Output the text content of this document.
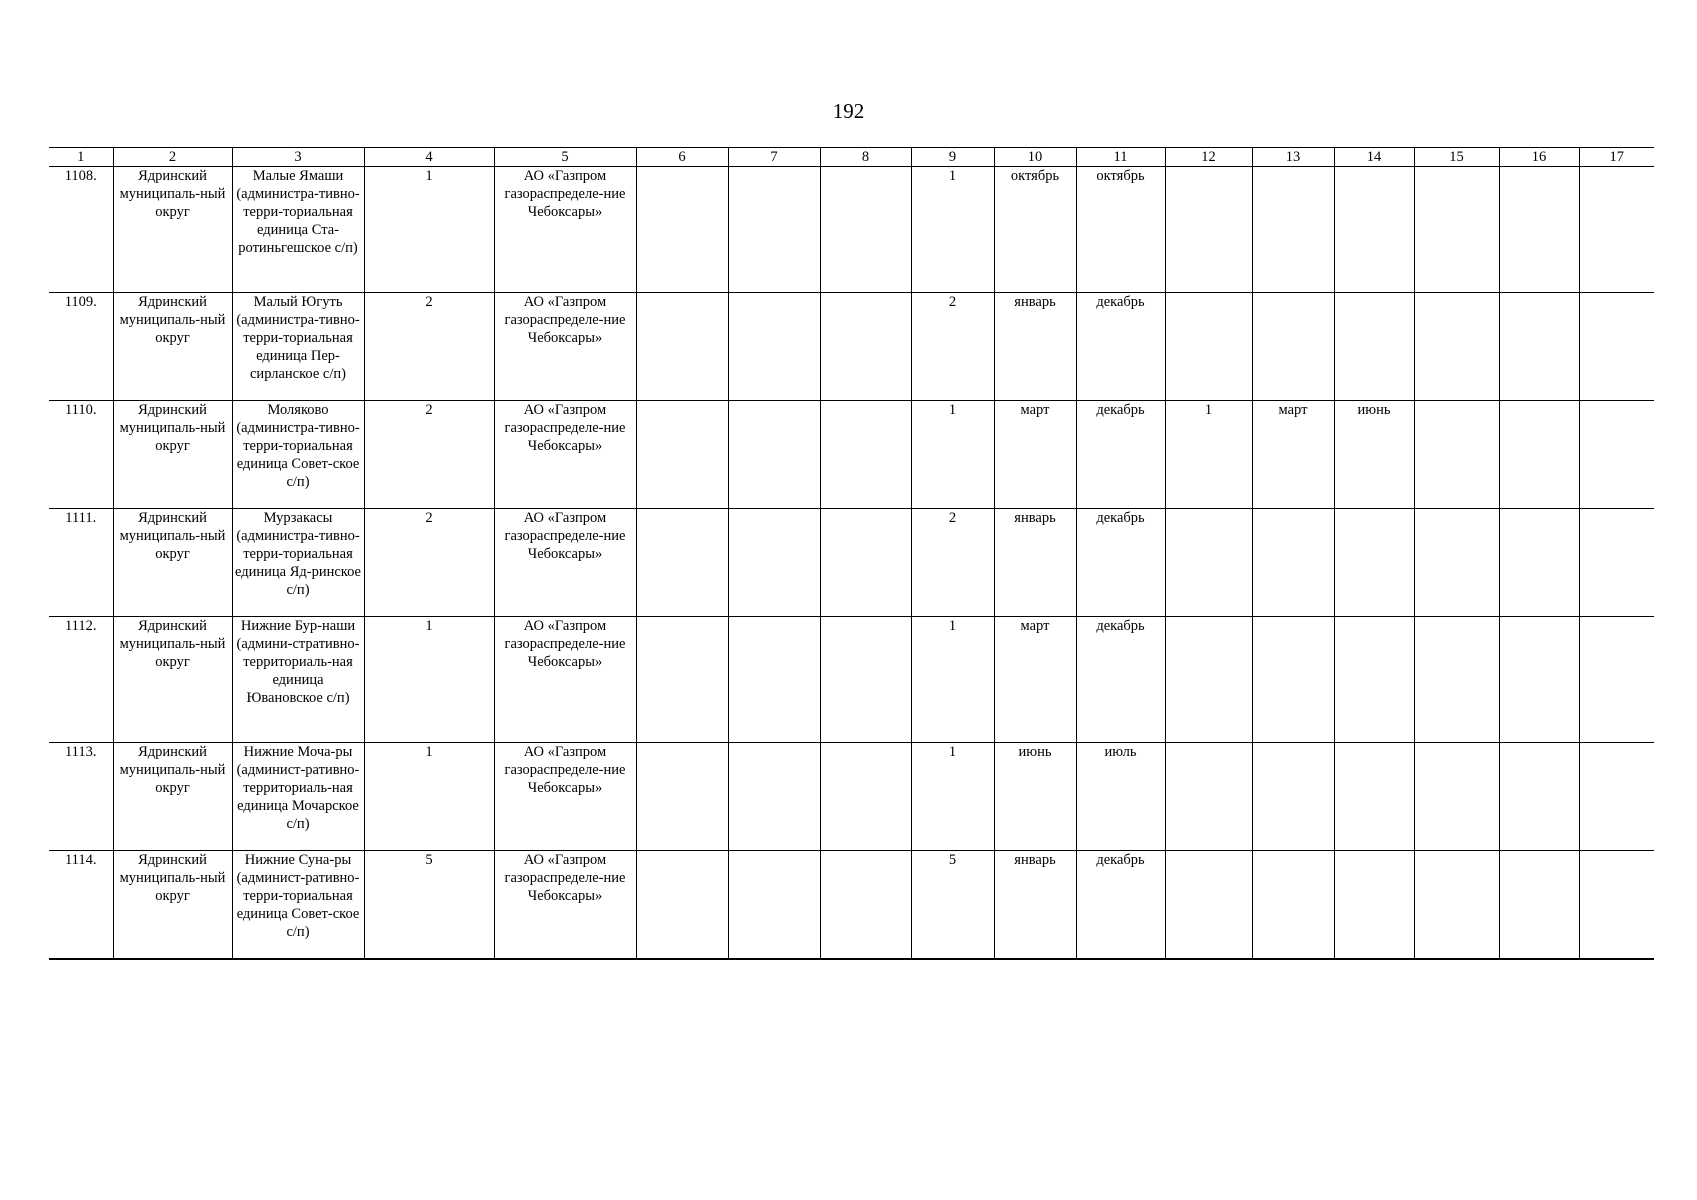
192
1	2	3	4	5	6	7	8	9	10	11	12	13	14	15	16	17
1108.	Ядринский муниципаль-ный округ	Малые Ямаши (администра-тивно-терри-ториальная единица Ста-ротиньгешское с/п)	1	АО «Газпром газораспределе-ние Чебоксары»				1	октябрь	октябрь						
1109.	Ядринский муниципаль-ный округ	Малый Югуть (администра-тивно-терри-ториальная единица Пер-сирланское с/п)	2	АО «Газпром газораспределе-ние Чебоксары»				2	январь	декабрь						
1110.	Ядринский муниципаль-ный округ	Моляково (администра-тивно-терри-ториальная единица Совет-ское с/п)	2	АО «Газпром газораспределе-ние Чебоксары»				1	март	декабрь	1	март	июнь			
1111.	Ядринский муниципаль-ный округ	Мурзакасы (администра-тивно-терри-ториальная единица Яд-ринское с/п)	2	АО «Газпром газораспределе-ние Чебоксары»				2	январь	декабрь						
1112.	Ядринский муниципаль-ный округ	Нижние Бур-наши (админи-стративно-территориаль-ная единица Ювановское с/п)	1	АО «Газпром газораспределе-ние Чебоксары»				1	март	декабрь						
1113.	Ядринский муниципаль-ный округ	Нижние Моча-ры (админист-ративно-территориаль-ная единица Мочарское с/п)	1	АО «Газпром газораспределе-ние Чебоксары»				1	июнь	июль						
1114.	Ядринский муниципаль-ный округ	Нижние Суна-ры (админист-ративно-терри-ториальная единица Совет-ское с/п)	5	АО «Газпром газораспределе-ние Чебоксары»				5	январь	декабрь						
